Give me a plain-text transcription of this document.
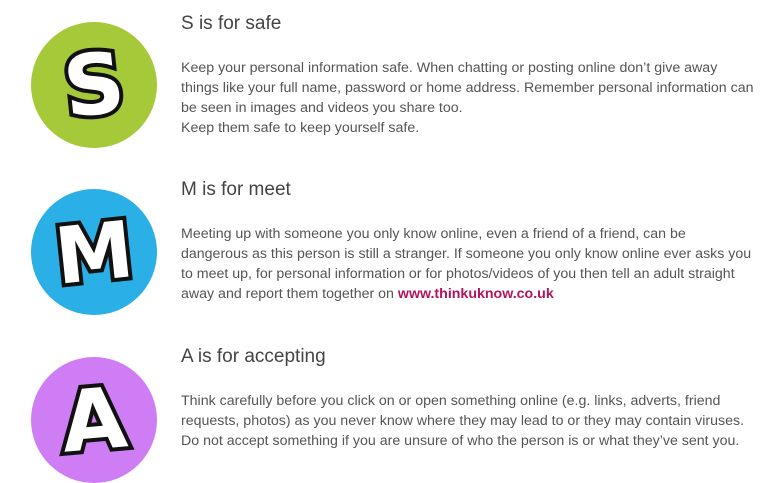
S
S is for safe

Keep your personal information safe. When chatting or posting online don’t give away things like your full name, password or home address. Remember personal information can be seen in images and videos you share too.

Keep them safe to keep yourself safe.

M
M is for meet

Meeting up with someone you only know online, even a friend of a friend, can be dangerous as this person is still a stranger. If someone you only know online ever asks you to meet up, for personal information or for photos/videos of you then tell an adult straight away and report them together on www.thinkuknow.co.uk

A
A is for accepting

Think carefully before you click on or open something online (e.g. links, adverts, friend requests, photos) as you never know where they may lead to or they may contain viruses. Do not accept something if you are unsure of who the person is or what they’ve sent you.
